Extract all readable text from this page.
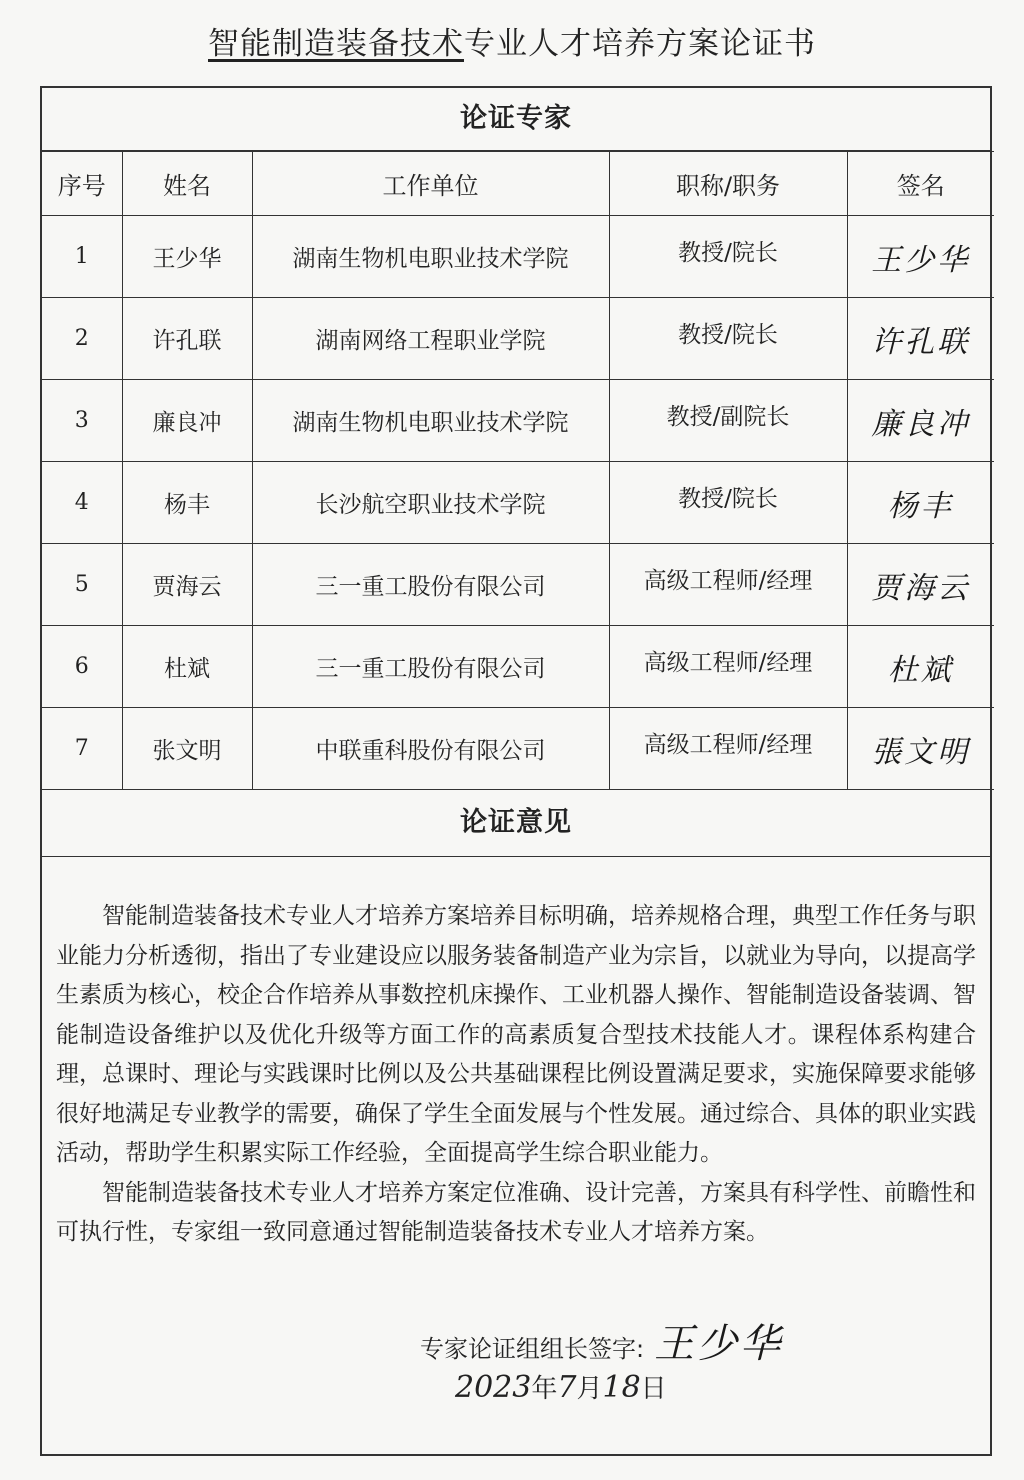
智能制造装备技术专业人才培养方案论证书
论证专家
序号	姓名	工作单位	职称/职务	签名
1	王少华	湖南生物机电职业技术学院	教授/院长	王少华
2	许孔联	湖南网络工程职业学院	教授/院长	许孔联
3	廉良冲	湖南生物机电职业技术学院	教授/副院长	廉良冲
4	杨丰	长沙航空职业技术学院	教授/院长	杨丰
5	贾海云	三一重工股份有限公司	高级工程师/经理	贾海云
6	杜斌	三一重工股份有限公司	高级工程师/经理	杜斌
7	张文明	中联重科股份有限公司	高级工程师/经理	張文明
论证意见

智能制造装备技术专业人才培养方案培养目标明确，培养规格合理，典型工作任务与职业能力分析透彻，指出了专业建设应以服务装备制造产业为宗旨，以就业为导向，以提高学生素质为核心，校企合作培养从事数控机床操作、工业机器人操作、智能制造设备装调、智能制造设备维护以及优化升级等方面工作的高素质复合型技术技能人才。课程体系构建合理，总课时、理论与实践课时比例以及公共基础课程比例设置满足要求，实施保障要求能够很好地满足专业教学的需要，确保了学生全面发展与个性发展。通过综合、具体的职业实践活动，帮助学生积累实际工作经验，全面提高学生综合职业能力。

智能制造装备技术专业人才培养方案定位准确、设计完善，方案具有科学性、前瞻性和可执行性，专家组一致同意通过智能制造装备技术专业人才培养方案。

专家论证组组长签字: 王少华
2023年7月18日
